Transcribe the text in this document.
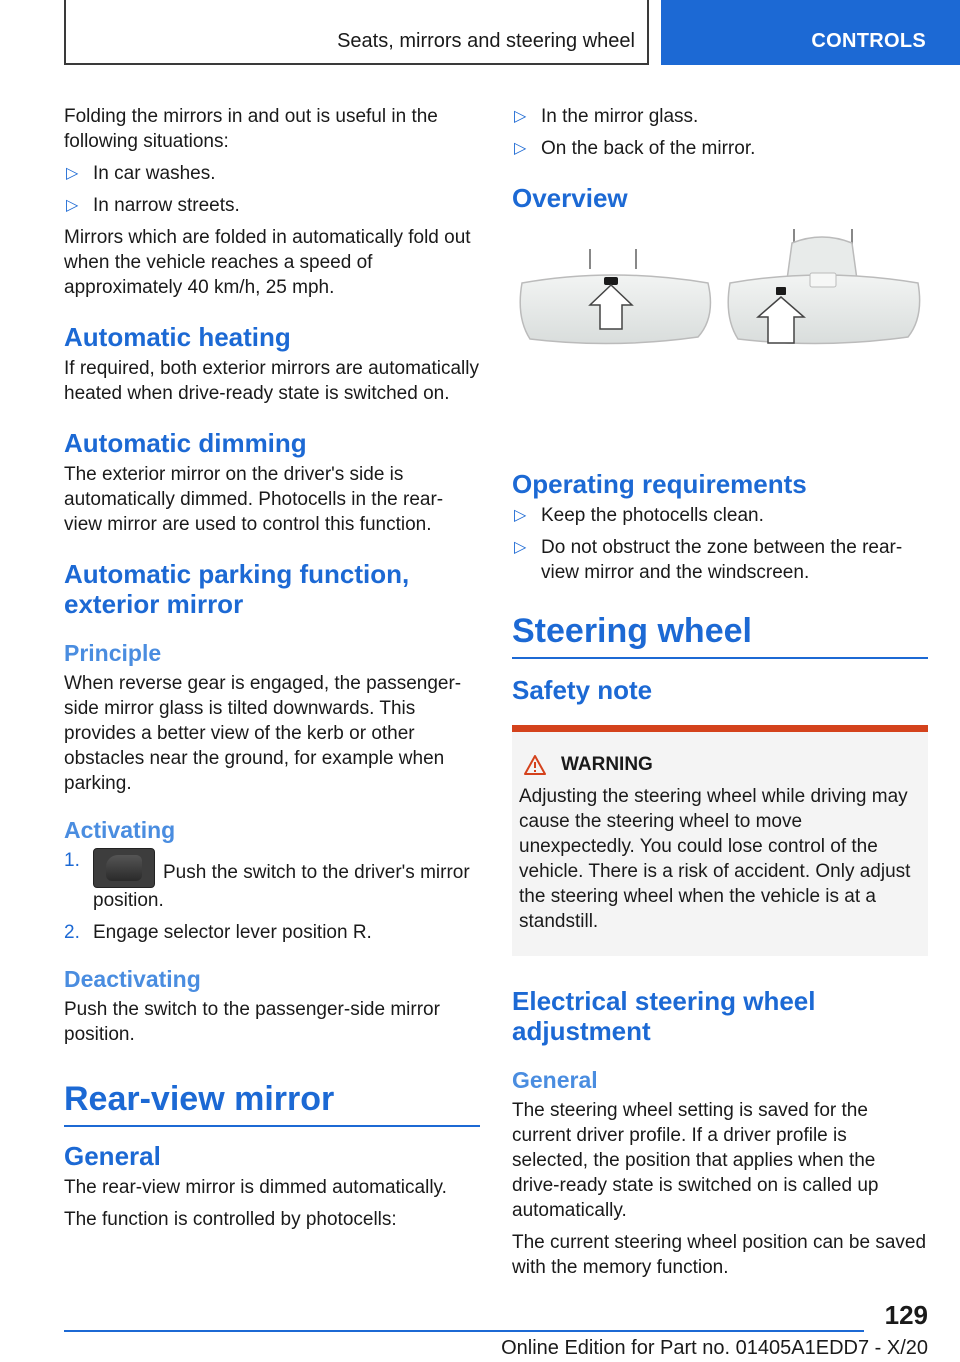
Seats, mirrors and steering wheel	CONTROLS

Folding the mirrors in and out is useful in the following situations:

▷ In car washes.
▷ In narrow streets.

Mirrors which are folded in automatically fold out when the vehicle reaches a speed of approximately 40 km/h, 25 mph.

Automatic heating

If required, both exterior mirrors are automatically heated when drive-ready state is switched on.

Automatic dimming

The exterior mirror on the driver's side is automatically dimmed. Photocells in the rear-view mirror are used to control this function.

Automatic parking function, exterior mirror
Principle

When reverse gear is engaged, the passenger-side mirror glass is tilted downwards. This provides a better view of the kerb or other obstacles near the ground, for example when parking.

Activating
1.
Push the switch to the driver's mirror position.
2. Engage selector lever position R.
Deactivating

Push the switch to the passenger-side mirror position.

Rear-view mirror
General

The rear-view mirror is dimmed automatically.

The function is controlled by photocells:

▷ In the mirror glass.
▷ On the back of the mirror.
Overview
Operating requirements
▷ Keep the photocells clean.
▷ Do not obstruct the zone between the rear-view mirror and the windscreen.
Steering wheel
Safety note
WARNING

Adjusting the steering wheel while driving may cause the steering wheel to move unexpectedly. You could lose control of the vehicle. There is a risk of accident. Only adjust the steering wheel when the vehicle is at a standstill.

Electrical steering wheel adjustment
General

The steering wheel setting is saved for the current driver profile. If a driver profile is selected, the position that applies when the drive-ready state is switched on is called up automatically.

The current steering wheel position can be saved with the memory function.

129
Online Edition for Part no. 01405A1EDD7 - X/20
